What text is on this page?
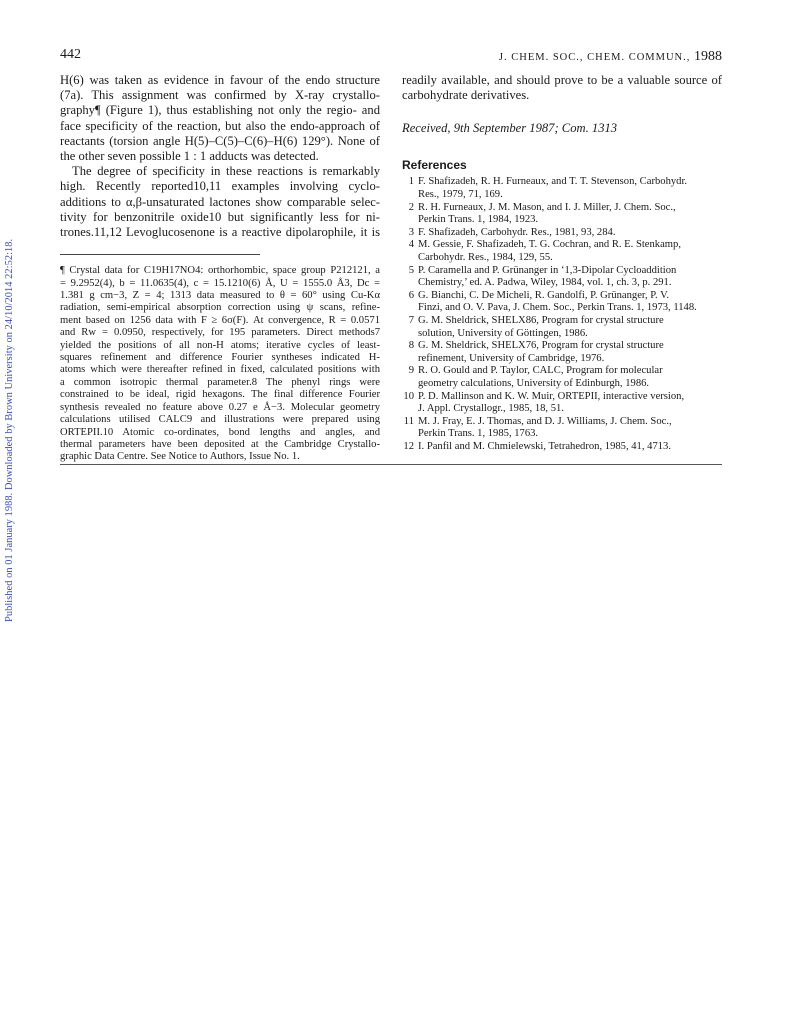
Published on 01 January 1988. Downloaded by Brown University on 24/10/2014 22:52:18.
442	J. CHEM. SOC., CHEM. COMMUN., 1988

H(6) was taken as evidence in favour of the endo structure
(7a). This assignment was confirmed by X-ray crystallo-
graphy¶ (Figure 1), thus establishing not only the regio- and
face specificity of the reaction, but also the endo-approach of
reactants (torsion angle H(5)–C(5)–C(6)–H(6) 129°). None of
the other seven possible 1 : 1 adducts was detected.

The degree of specificity in these reactions is remarkably
high. Recently reported10,11 examples involving cyclo-
additions to α,β-unsaturated lactones show comparable selec-
tivity for benzonitrile oxide10 but significantly less for ni-
trones.11,12 Levoglucosenone is a reactive dipolarophile, it is

¶ Crystal data for C19H17NO4: orthorhombic, space group P212121, a
= 9.2952(4), b = 11.0635(4), c = 15.1210(6) Å, U = 1555.0 Å3, Dc =
1.381 g cm−3, Z = 4; 1313 data measured to θ = 60° using Cu-Kα
radiation, semi-empirical absorption correction using ψ scans, refine-
ment based on 1256 data with F ≥ 6σ(F). At convergence, R = 0.0571
and Rw = 0.0950, respectively, for 195 parameters. Direct methods7
yielded the positions of all non-H atoms; iterative cycles of least-
squares refinement and difference Fourier syntheses indicated H-
atoms which were thereafter refined in fixed, calculated positions with
a common isotropic thermal parameter.8 The phenyl rings were
constrained to be ideal, rigid hexagons. The final difference Fourier
synthesis revealed no feature above 0.27 e Å−3. Molecular geometry
calculations utilised CALC9 and illustrations were prepared using
ORTEPII.10 Atomic co-ordinates, bond lengths and angles, and
thermal parameters have been deposited at the Cambridge Crystallo-
graphic Data Centre. See Notice to Authors, Issue No. 1.

readily available, and should prove to be a valuable source of
carbohydrate derivatives.

Received, 9th September 1987; Com. 1313

References
1 F. Shafizadeh, R. H. Furneaux, and T. T. Stevenson, Carbohydr.
Res., 1979, 71, 169.
2 R. H. Furneaux, J. M. Mason, and I. J. Miller, J. Chem. Soc.,
Perkin Trans. 1, 1984, 1923.
3 F. Shafizadeh, Carbohydr. Res., 1981, 93, 284.
4 M. Gessie, F. Shafizadeh, T. G. Cochran, and R. E. Stenkamp,
Carbohydr. Res., 1984, 129, 55.
5 P. Caramella and P. Grünanger in ‘1,3-Dipolar Cycloaddition
Chemistry,’ ed. A. Padwa, Wiley, 1984, vol. 1, ch. 3, p. 291.
6 G. Bianchi, C. De Micheli, R. Gandolfi, P. Grünanger, P. V.
Finzi, and O. V. Pava, J. Chem. Soc., Perkin Trans. 1, 1973, 1148.
7 G. M. Sheldrick, SHELX86, Program for crystal structure
solution, University of Göttingen, 1986.
8 G. M. Sheldrick, SHELX76, Program for crystal structure
refinement, University of Cambridge, 1976.
9 R. O. Gould and P. Taylor, CALC, Program for molecular
geometry calculations, University of Edinburgh, 1986.
10 P. D. Mallinson and K. W. Muir, ORTEPII, interactive version,
J. Appl. Crystallogr., 1985, 18, 51.
11 M. J. Fray, E. J. Thomas, and D. J. Williams, J. Chem. Soc.,
Perkin Trans. 1, 1985, 1763.
12 I. Panfil and M. Chmielewski, Tetrahedron, 1985, 41, 4713.
